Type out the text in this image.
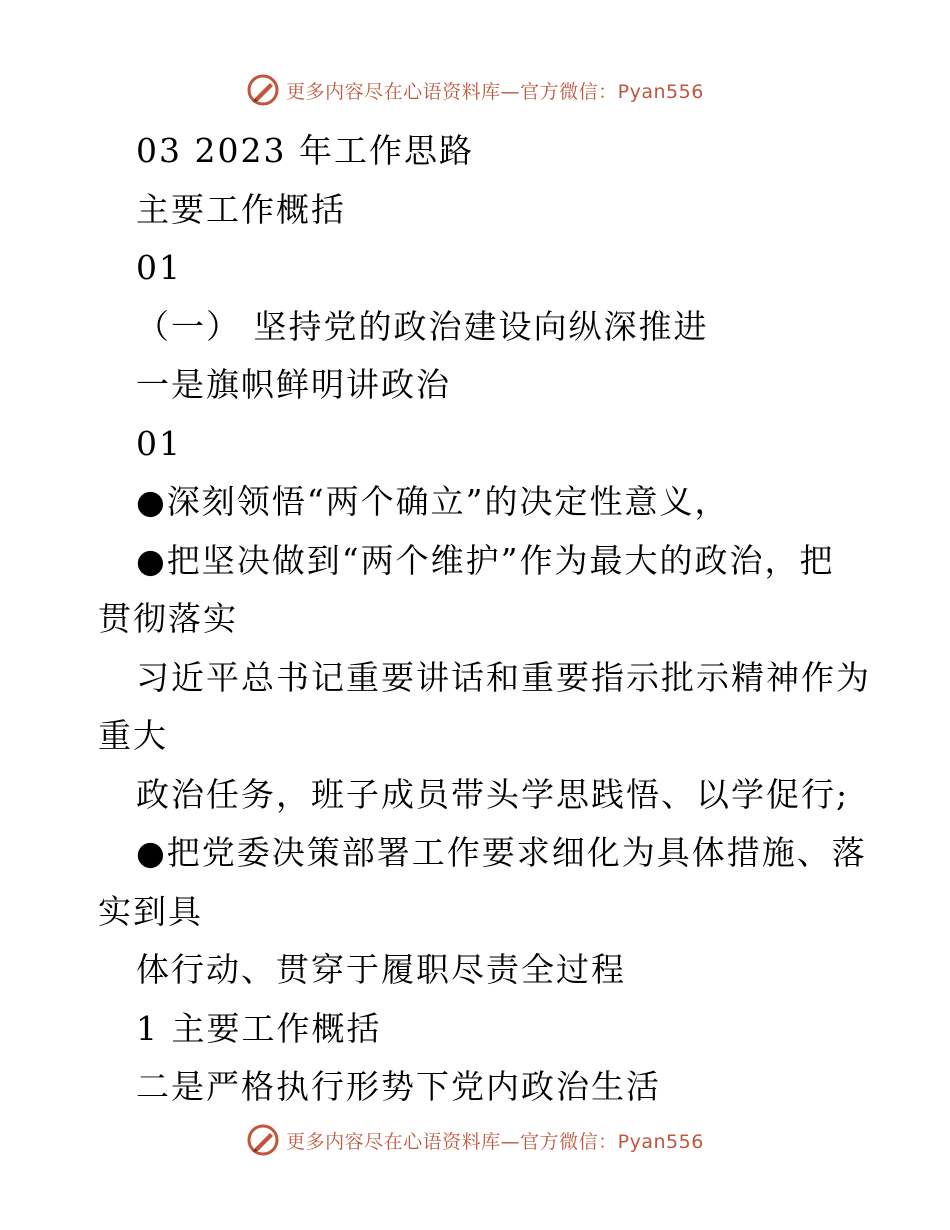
更多内容尽在心语资料库—官方微信：Pyan556
03 2023 年工作思路
主要工作概括
01
（一） 坚持党的政治建设向纵深推进
一是旗帜鲜明讲政治
01
●深刻领悟“两个确立”的决定性意义，
●把坚决做到“两个维护”作为最大的政治，把
贯彻落实
习近平总书记重要讲话和重要指示批示精神作为
重大
政治任务，班子成员带头学思践悟、以学促行;
●把党委决策部署工作要求细化为具体措施、落
实到具
体行动、贯穿于履职尽责全过程
1 主要工作概括
二是严格执行形势下党内政治生活
更多内容尽在心语资料库—官方微信：Pyan556
